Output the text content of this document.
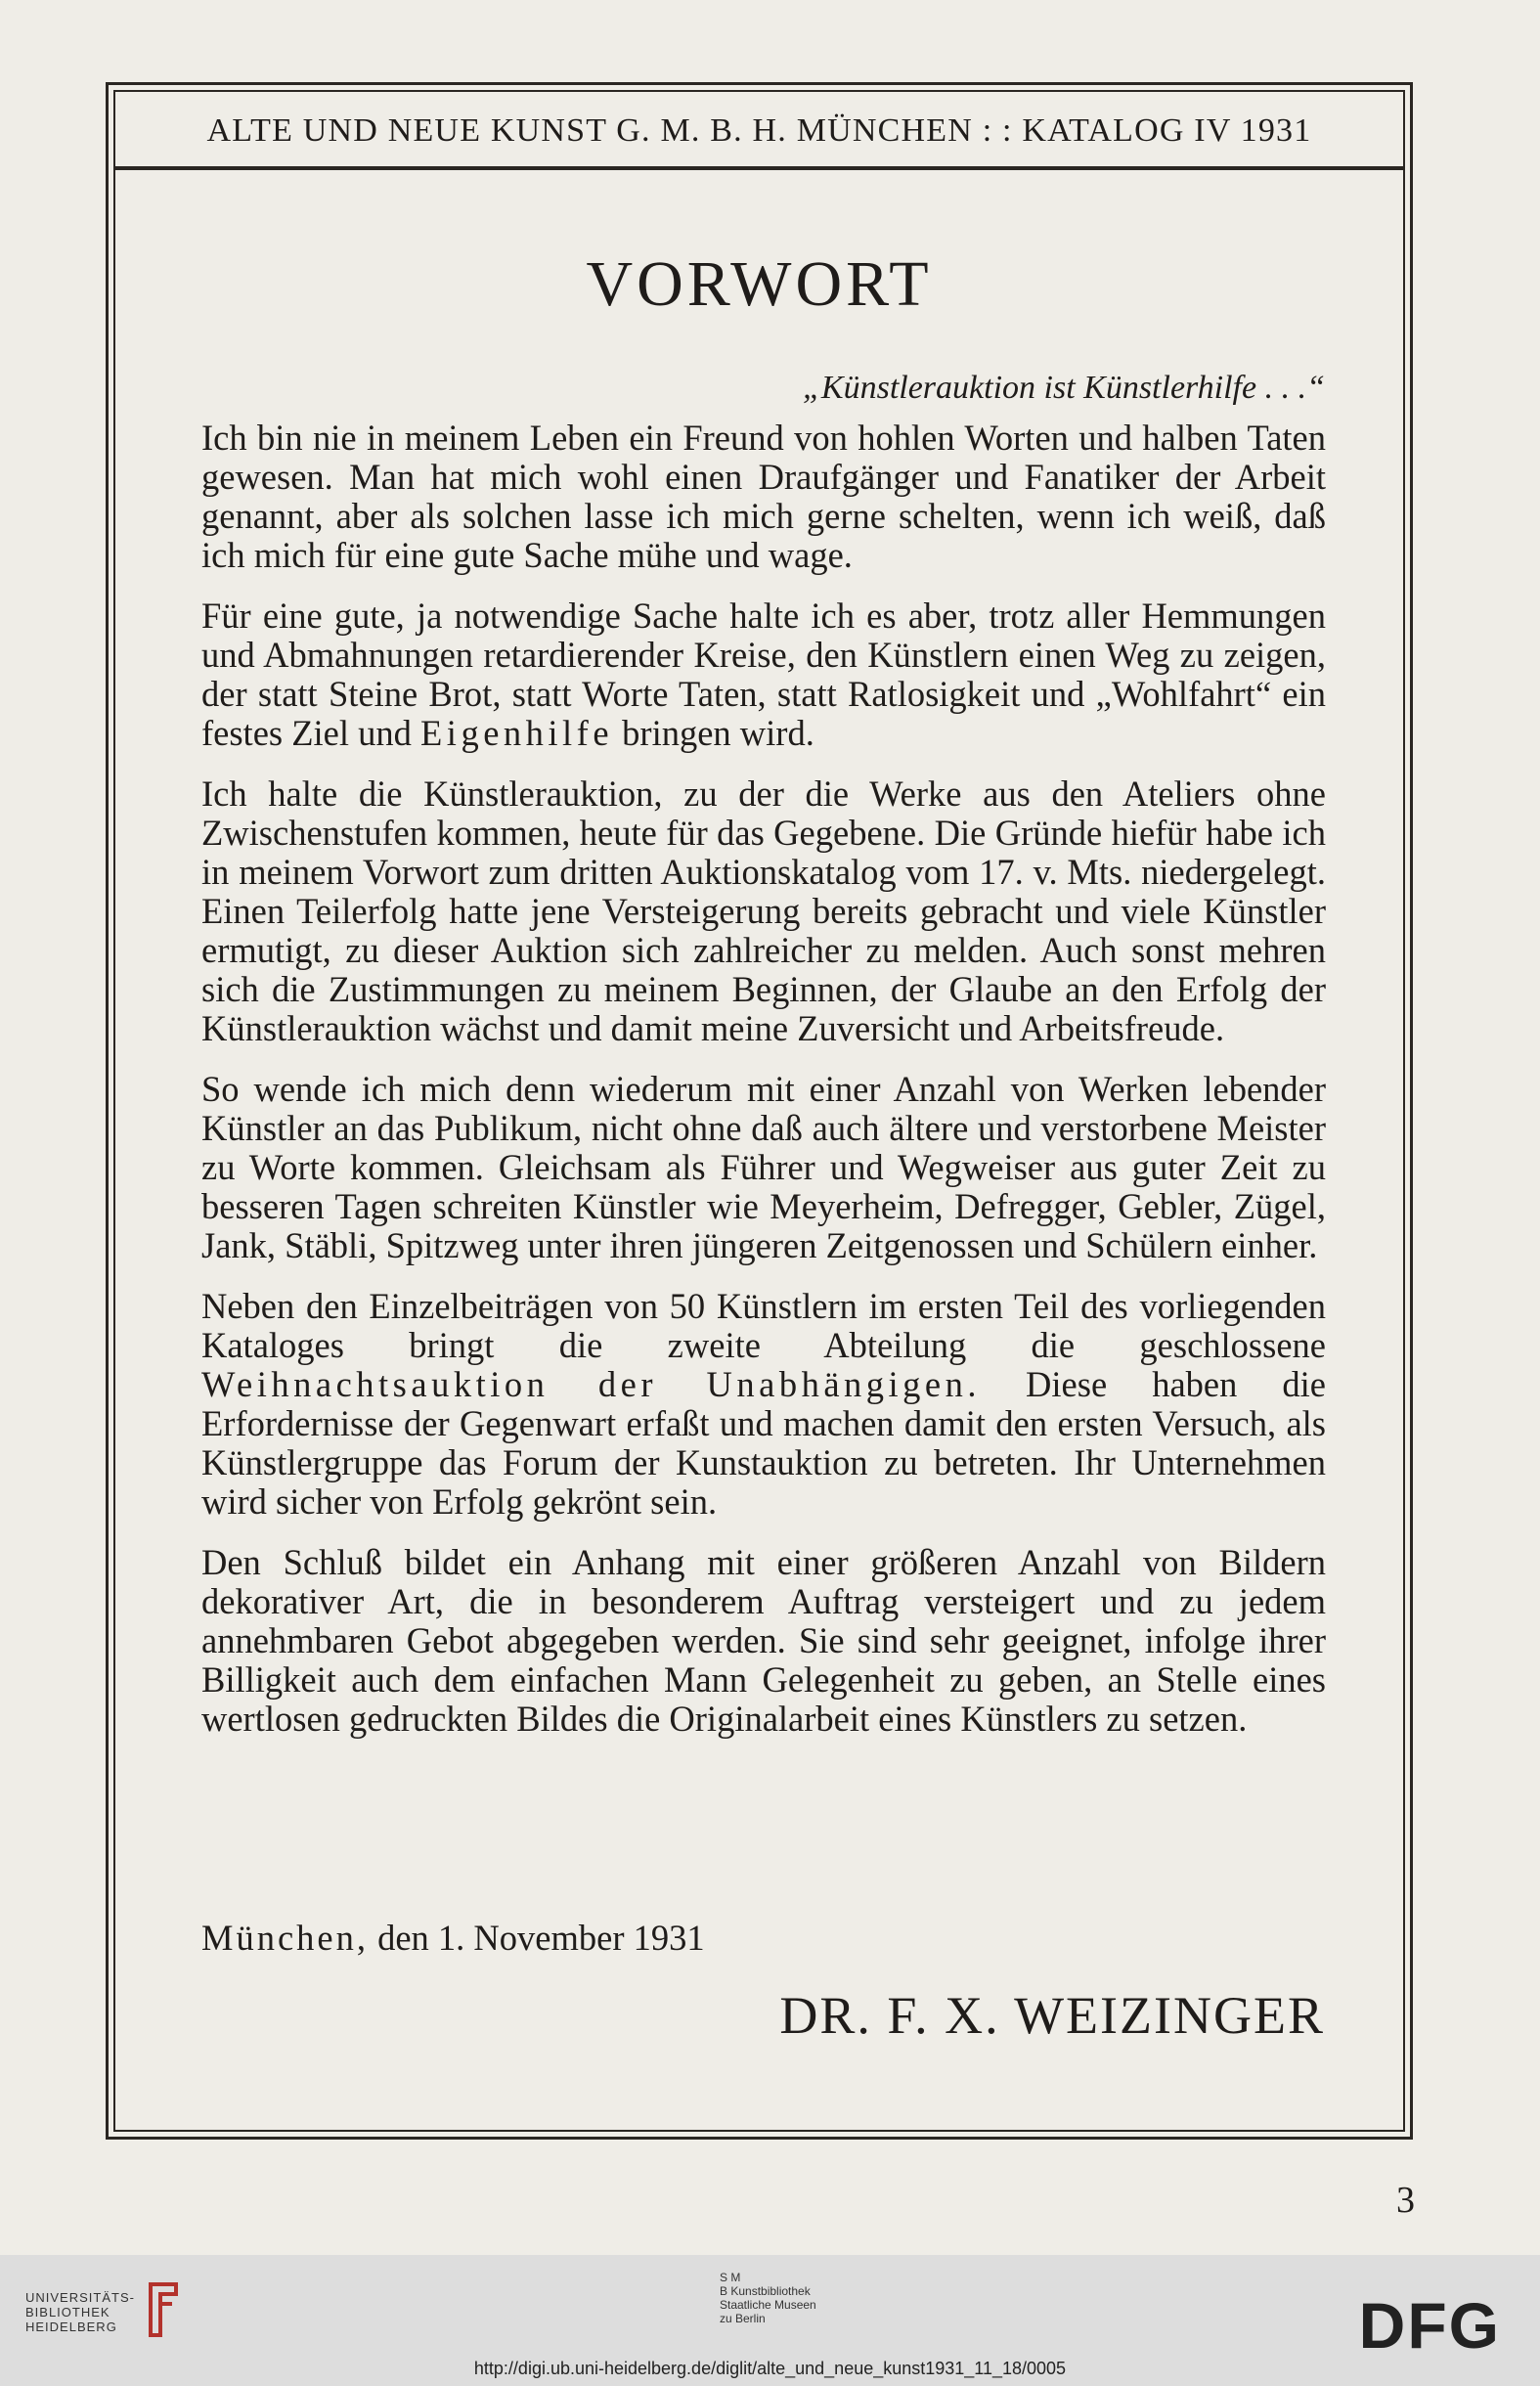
ALTE UND NEUE KUNST G. M. B. H. MÜNCHEN : : KATALOG IV 1931
VORWORT
„Künstlerauktion ist Künstlerhilfe . . .“

Ich bin nie in meinem Leben ein Freund von hohlen Worten und halben Taten gewesen. Man hat mich wohl einen Draufgänger und Fanatiker der Arbeit genannt, aber als solchen lasse ich mich gerne schelten, wenn ich weiß, daß ich mich für eine gute Sache mühe und wage.

Für eine gute, ja notwendige Sache halte ich es aber, trotz aller Hemmungen und Abmahnungen retardierender Kreise, den Künstlern einen Weg zu zeigen, der statt Steine Brot, statt Worte Taten, statt Ratlosigkeit und „Wohlfahrt“ ein festes Ziel und Eigenhilfe bringen wird.

Ich halte die Künstlerauktion, zu der die Werke aus den Ateliers ohne Zwischenstufen kommen, heute für das Gegebene. Die Gründe hiefür habe ich in meinem Vorwort zum dritten Auktionskatalog vom 17. v. Mts. niedergelegt. Einen Teilerfolg hatte jene Versteigerung bereits gebracht und viele Künstler ermutigt, zu dieser Auktion sich zahlreicher zu melden. Auch sonst mehren sich die Zustimmungen zu meinem Beginnen, der Glaube an den Erfolg der Künstlerauktion wächst und damit meine Zuversicht und Arbeitsfreude.

So wende ich mich denn wiederum mit einer Anzahl von Werken lebender Künstler an das Publikum, nicht ohne daß auch ältere und verstorbene Meister zu Worte kommen. Gleichsam als Führer und Wegweiser aus guter Zeit zu besseren Tagen schreiten Künstler wie Meyerheim, Defregger, Gebler, Zügel, Jank, Stäbli, Spitzweg unter ihren jüngeren Zeitgenossen und Schülern einher.

Neben den Einzelbeiträgen von 50 Künstlern im ersten Teil des vorliegenden Kataloges bringt die zweite Abteilung die geschlossene Weihnachtsauktion der Unabhängigen. Diese haben die Erfordernisse der Gegenwart erfaßt und machen damit den ersten Versuch, als Künstlergruppe das Forum der Kunstauktion zu betreten. Ihr Unternehmen wird sicher von Erfolg gekrönt sein.

Den Schluß bildet ein Anhang mit einer größeren Anzahl von Bildern dekorativer Art, die in besonderem Auftrag versteigert und zu jedem annehmbaren Gebot abgegeben werden. Sie sind sehr geeignet, infolge ihrer Billigkeit auch dem einfachen Mann Gelegenheit zu geben, an Stelle eines wertlosen gedruckten Bildes die Originalarbeit eines Künstlers zu setzen.

München, den 1. November 1931
DR. F. X. WEIZINGER
3
UNIVERSITÄTS-
BIBLIOTHEK
HEIDELBERG
S M
B Kunstbibliothek
Staatliche Museen
zu Berlin	DFG
http://digi.ub.uni-heidelberg.de/diglit/alte_und_neue_kunst1931_11_18/0005
